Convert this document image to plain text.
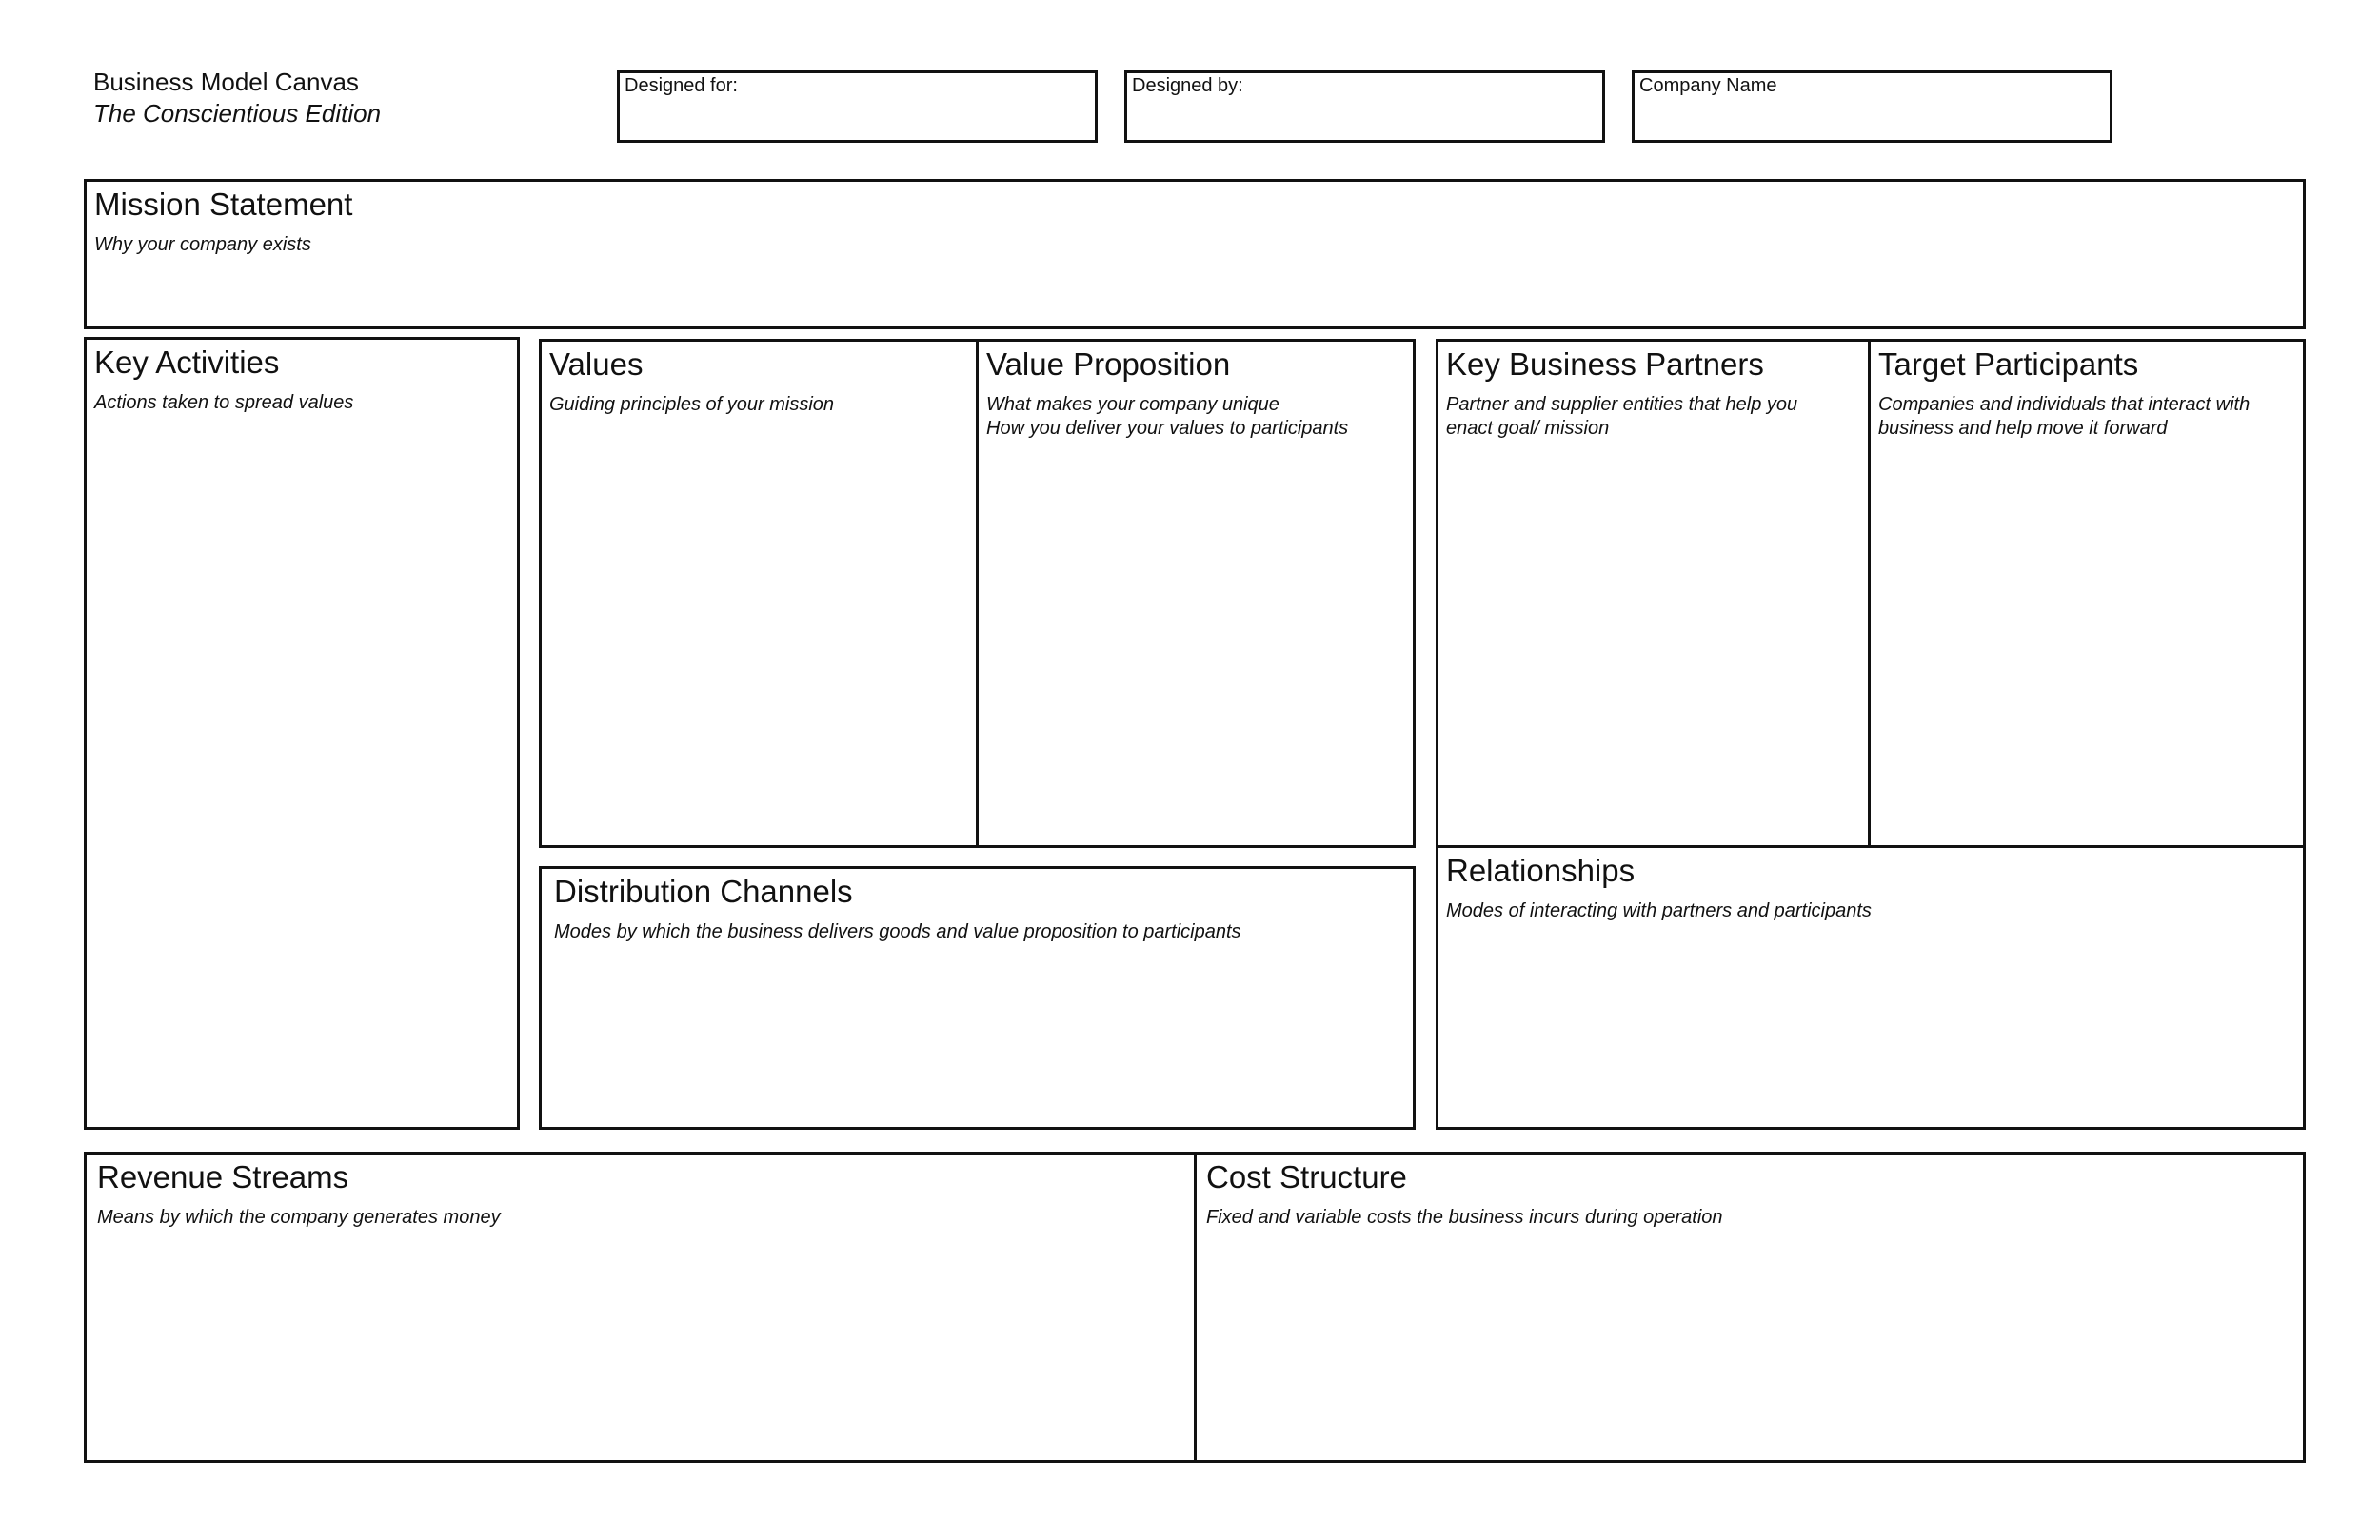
Business Model Canvas
The Conscientious Edition
Designed for:	Designed by:	Company Name
Mission Statement
Why your company exists
Key Activities
Actions taken to spread values
Values
Guiding principles of your mission
Value Proposition
What makes your company unique
How you deliver your values to participants
Distribution Channels
Modes by which the business delivers goods and value proposition to participants
Key Business Partners
Partner and supplier entities that help you
enact goal/ mission
Target Participants
Companies and individuals that interact with
business and help move it forward
Relationships
Modes of interacting with partners and participants
Revenue Streams
Means by which the company generates money
Cost Structure
Fixed and variable costs the business incurs during operation
